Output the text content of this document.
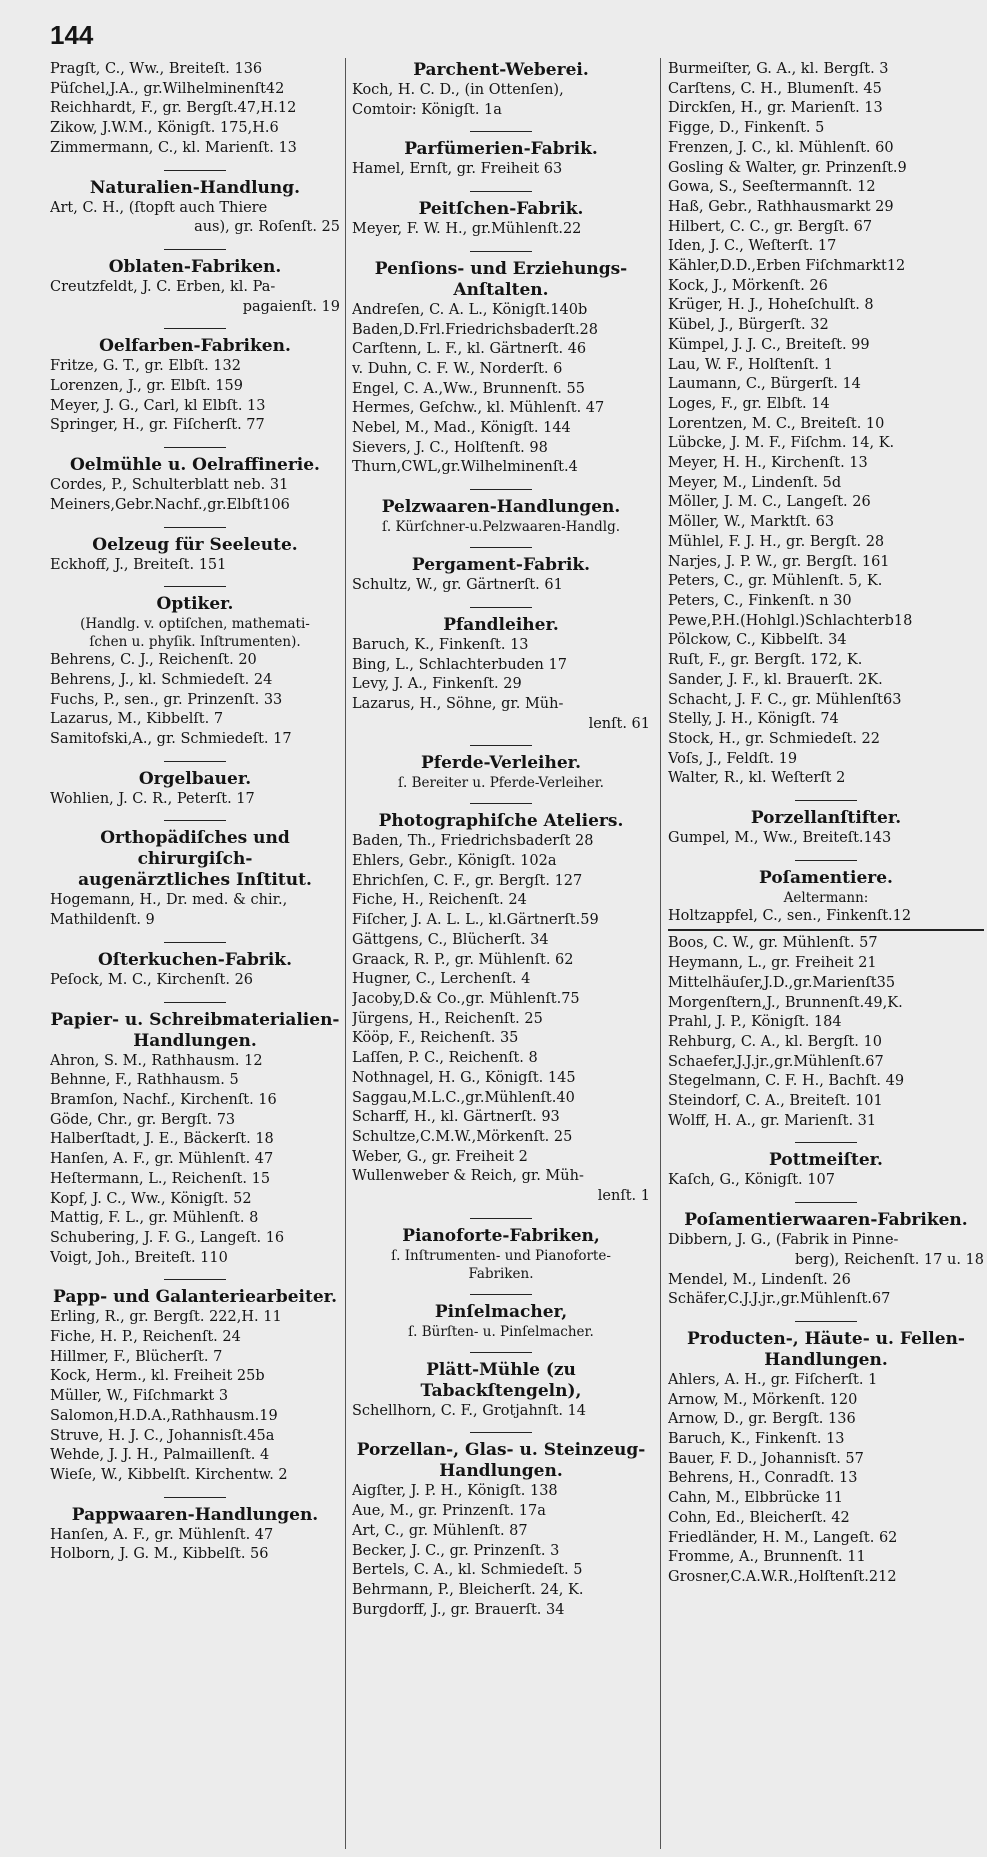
144
Pragſt, C., Ww., Breiteſt. 136
Püſchel,J.A., gr.Wilhelminenſt42
Reichhardt, F., gr. Bergſt.47,H.12
Zikow, J.W.M., Königſt. 175,H.6
Zimmermann, C., kl. Marienſt. 13
Naturalien-Handlung.
Art, C. H., (ſtopft auch Thiere
aus), gr. Roſenſt. 25
Oblaten-Fabriken.
Creutzfeldt, J. C. Erben, kl. Pa-
pagaienſt. 19
Oelfarben-Fabriken.
Fritze, G. T., gr. Elbſt. 132
Lorenzen, J., gr. Elbſt. 159
Meyer, J. G., Carl, kl Elbſt. 13
Springer, H., gr. Fiſcherſt. 77
Oelmühle u. Oelraffinerie.
Cordes, P., Schulterblatt neb. 31
Meiners,Gebr.Nachf.,gr.Elbſt106
Oelzeug für Seeleute.
Eckhoff, J., Breiteſt. 151
Optiker.
(Handlg. v. optiſchen, mathemati-
ſchen u. phyſik. Inſtrumenten).
Behrens, C. J., Reichenſt. 20
Behrens, J., kl. Schmiedeſt. 24
Fuchs, P., sen., gr. Prinzenſt. 33
Lazarus, M., Kibbelſt. 7
Samitofski,A., gr. Schmiedeſt. 17
Orgelbauer.
Wohlien, J. C. R., Peterſt. 17
Orthopädiſches und chirurgiſch-
augenärztliches Inſtitut.
Hogemann, H., Dr. med. & chir.,
Mathildenſt. 9
Oſterkuchen-Fabrik.
Peſock, M. C., Kirchenſt. 26
Papier- u. Schreibmaterialien-
Handlungen.
Ahron, S. M., Rathhausm. 12
Behnne, F., Rathhausm. 5
Bramſon, Nachf., Kirchenſt. 16
Göde, Chr., gr. Bergſt. 73
Halberſtadt, J. E., Bäckerſt. 18
Hanſen, A. F., gr. Mühlenſt. 47
Heſtermann, L., Reichenſt. 15
Kopf, J. C., Ww., Königſt. 52
Mattig, F. L., gr. Mühlenſt. 8
Schubering, J. F. G., Langeſt. 16
Voigt, Joh., Breiteſt. 110
Papp- und Galanteriearbeiter.
Erling, R., gr. Bergſt. 222,H. 11
Fiche, H. P., Reichenſt. 24
Hillmer, F., Blücherſt. 7
Kock, Herm., kl. Freiheit 25b
Müller, W., Fiſchmarkt 3
Salomon,H.D.A.,Rathhausm.19
Struve, H. J. C., Johannisſt.45a
Wehde, J. J. H., Palmaillenſt. 4
Wieſe, W., Kibbelſt. Kirchentw. 2
Pappwaaren-Handlungen.
Hanſen, A. F., gr. Mühlenſt. 47
Holborn, J. G. M., Kibbelſt. 56
Parchent-Weberei.
Koch, H. C. D., (in Ottenſen),
Comtoir: Königſt. 1a
Parfümerien-Fabrik.
Hamel, Ernſt, gr. Freiheit 63
Peitſchen-Fabrik.
Meyer, F. W. H., gr.Mühlenſt.22
Penſions- und Erziehungs-
Anſtalten.
Andreſen, C. A. L., Königſt.140b
Baden,D.Frl.Friedrichsbaderſt.28
Carſtenn, L. F., kl. Gärtnerſt. 46
v. Duhn, C. F. W., Norderſt. 6
Engel, C. A.,Ww., Brunnenſt. 55
Hermes, Geſchw., kl. Mühlenſt. 47
Nebel, M., Mad., Königſt. 144
Sievers, J. C., Holſtenſt. 98
Thurn,CWL,gr.Wilhelminenſt.4
Pelzwaaren-Handlungen.
ſ. Kürſchner-u.Pelzwaaren-Handlg.
Pergament-Fabrik.
Schultz, W., gr. Gärtnerſt. 61
Pfandleiher.
Baruch, K., Finkenſt. 13
Bing, L., Schlachterbuden 17
Levy, J. A., Finkenſt. 29
Lazarus, H., Söhne, gr. Müh-
lenſt. 61
Pferde-Verleiher.
ſ. Bereiter u. Pferde-Verleiher.
Photographiſche Ateliers.
Baden, Th., Friedrichsbaderſt 28
Ehlers, Gebr., Königſt. 102a
Ehrichſen, C. F., gr. Bergſt. 127
Fiche, H., Reichenſt. 24
Fiſcher, J. A. L. L., kl.Gärtnerſt.59
Gättgens, C., Blücherſt. 34
Graack, R. P., gr. Mühlenſt. 62
Hugner, C., Lerchenſt. 4
Jacoby,D.& Co.,gr. Mühlenſt.75
Jürgens, H., Reichenſt. 25
Kööp, F., Reichenſt. 35
Laſſen, P. C., Reichenſt. 8
Nothnagel, H. G., Königſt. 145
Saggau,M.L.C.,gr.Mühlenſt.40
Scharff, H., kl. Gärtnerſt. 93
Schultze,C.M.W.,Mörkenſt. 25
Weber, G., gr. Freiheit 2
Wullenweber & Reich, gr. Müh-
lenſt. 1
Pianoforte-Fabriken,
ſ. Inſtrumenten- und Pianoforte-
Fabriken.
Pinſelmacher,
ſ. Bürſten- u. Pinſelmacher.
Plätt-Mühle (zu Tabackſtengeln),
Schellhorn, C. F., Grotjahnſt. 14
Porzellan-, Glas- u. Steinzeug-
Handlungen.
Aigſter, J. P. H., Königſt. 138
Aue, M., gr. Prinzenſt. 17a
Art, C., gr. Mühlenſt. 87
Becker, J. C., gr. Prinzenſt. 3
Bertels, C. A., kl. Schmiedeſt. 5
Behrmann, P., Bleicherſt. 24, K.
Burgdorff, J., gr. Brauerſt. 34
Burmeiſter, G. A., kl. Bergſt. 3
Carſtens, C. H., Blumenſt. 45
Dirckſen, H., gr. Marienſt. 13
Figge, D., Finkenſt. 5
Frenzen, J. C., kl. Mühlenſt. 60
Gosling & Walter, gr. Prinzenſt.9
Gowa, S., Seeſtermannſt. 12
Haß, Gebr., Rathhausmarkt 29
Hilbert, C. C., gr. Bergſt. 67
Iden, J. C., Weſterſt. 17
Kähler,D.D.,Erben Fiſchmarkt12
Kock, J., Mörkenſt. 26
Krüger, H. J., Hoheſchulſt. 8
Kübel, J., Bürgerſt. 32
Kümpel, J. J. C., Breiteſt. 99
Lau, W. F., Holſtenſt. 1
Laumann, C., Bürgerſt. 14
Loges, F., gr. Elbſt. 14
Lorentzen, M. C., Breiteſt. 10
Lübcke, J. M. F., Fiſchm. 14, K.
Meyer, H. H., Kirchenſt. 13
Meyer, M., Lindenſt. 5d
Möller, J. M. C., Langeſt. 26
Möller, W., Marktſt. 63
Mühlel, F. J. H., gr. Bergſt. 28
Narjes, J. P. W., gr. Bergſt. 161
Peters, C., gr. Mühlenſt. 5, K.
Peters, C., Finkenſt. n 30
Pewe,P.H.(Hohlgl.)Schlachterb18
Pölckow, C., Kibbelſt. 34
Ruſt, F., gr. Bergſt. 172, K.
Sander, J. F., kl. Brauerſt. 2K.
Schacht, J. F. C., gr. Mühlenſt63
Stelly, J. H., Königſt. 74
Stock, H., gr. Schmiedeſt. 22
Voſs, J., Feldſt. 19
Walter, R., kl. Weſterſt 2
Porzellanſtifter.
Gumpel, M., Ww., Breiteſt.143
Poſamentiere.
Aeltermann:
Holtzappfel, C., sen., Finkenſt.12
Boos, C. W., gr. Mühlenſt. 57
Heymann, L., gr. Freiheit 21
Mittelhäuſer,J.D.,gr.Marienſt35
Morgenſtern,J., Brunnenſt.49,K.
Prahl, J. P., Königſt. 184
Rehburg, C. A., kl. Bergſt. 10
Schaefer,J.J.jr.,gr.Mühlenſt.67
Stegelmann, C. F. H., Bachſt. 49
Steindorf, C. A., Breiteſt. 101
Wolff, H. A., gr. Marienſt. 31
Pottmeiſter.
Kaſch, G., Königſt. 107
Poſamentierwaaren-Fabriken.
Dibbern, J. G., (Fabrik in Pinne-
berg), Reichenſt. 17 u. 18
Mendel, M., Lindenſt. 26
Schäfer,C.J.J.jr.,gr.Mühlenſt.67
Producten-, Häute- u. Fellen-
Handlungen.
Ahlers, A. H., gr. Fiſcherſt. 1
Arnow, M., Mörkenſt. 120
Arnow, D., gr. Bergſt. 136
Baruch, K., Finkenſt. 13
Bauer, F. D., Johannisſt. 57
Behrens, H., Conradſt. 13
Cahn, M., Elbbrücke 11
Cohn, Ed., Bleicherſt. 42
Friedländer, H. M., Langeſt. 62
Fromme, A., Brunnenſt. 11
Grosner,C.A.W.R.,Holſtenſt.212
